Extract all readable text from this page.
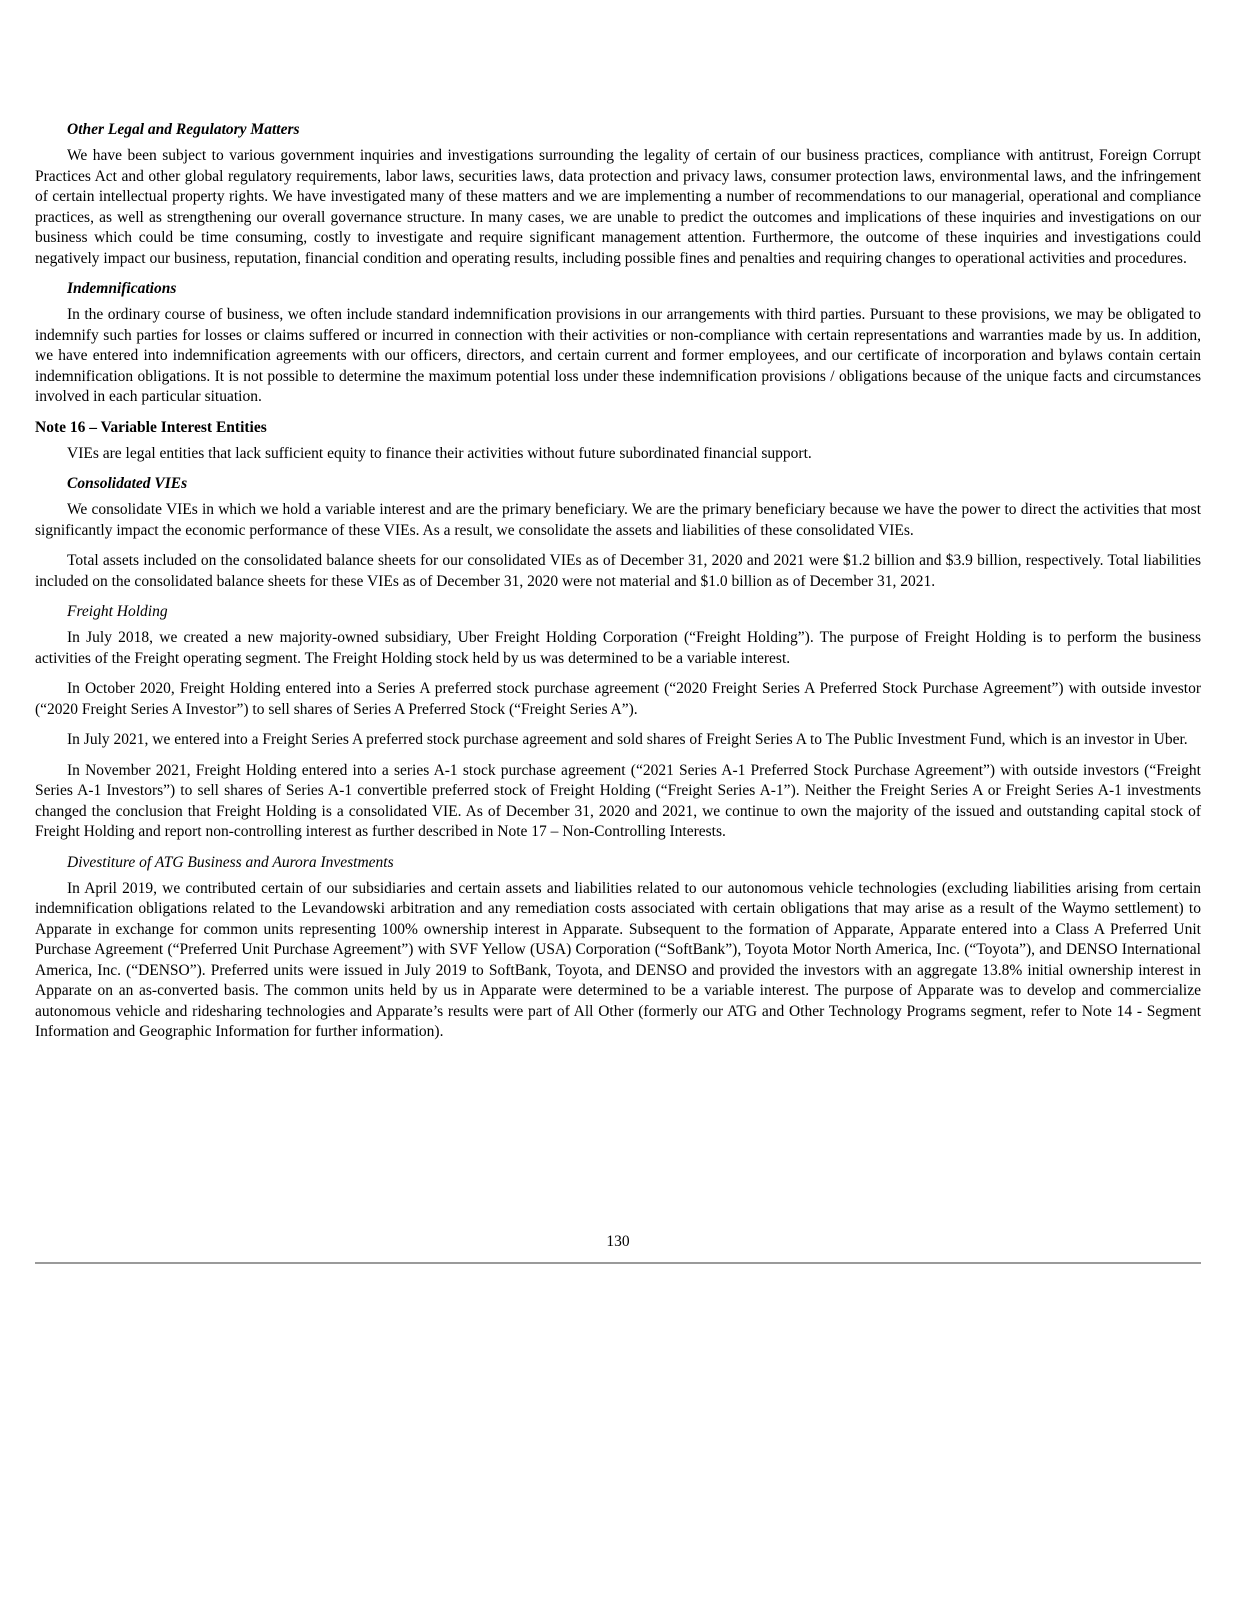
Other Legal and Regulatory Matters

We have been subject to various government inquiries and investigations surrounding the legality of certain of our business practices, compliance with antitrust, Foreign Corrupt Practices Act and other global regulatory requirements, labor laws, securities laws, data protection and privacy laws, consumer protection laws, environmental laws, and the infringement of certain intellectual property rights. We have investigated many of these matters and we are implementing a number of recommendations to our managerial, operational and compliance practices, as well as strengthening our overall governance structure. In many cases, we are unable to predict the outcomes and implications of these inquiries and investigations on our business which could be time consuming, costly to investigate and require significant management attention. Furthermore, the outcome of these inquiries and investigations could negatively impact our business, reputation, financial condition and operating results, including possible fines and penalties and requiring changes to operational activities and procedures.

Indemnifications

In the ordinary course of business, we often include standard indemnification provisions in our arrangements with third parties. Pursuant to these provisions, we may be obligated to indemnify such parties for losses or claims suffered or incurred in connection with their activities or non-compliance with certain representations and warranties made by us. In addition, we have entered into indemnification agreements with our officers, directors, and certain current and former employees, and our certificate of incorporation and bylaws contain certain indemnification obligations. It is not possible to determine the maximum potential loss under these indemnification provisions / obligations because of the unique facts and circumstances involved in each particular situation.

Note 16 – Variable Interest Entities

VIEs are legal entities that lack sufficient equity to finance their activities without future subordinated financial support.

Consolidated VIEs

We consolidate VIEs in which we hold a variable interest and are the primary beneficiary. We are the primary beneficiary because we have the power to direct the activities that most significantly impact the economic performance of these VIEs. As a result, we consolidate the assets and liabilities of these consolidated VIEs.

Total assets included on the consolidated balance sheets for our consolidated VIEs as of December 31, 2020 and 2021 were $1.2 billion and $3.9 billion, respectively. Total liabilities included on the consolidated balance sheets for these VIEs as of December 31, 2020 were not material and $1.0 billion as of December 31, 2021.

Freight Holding

In July 2018, we created a new majority-owned subsidiary, Uber Freight Holding Corporation (“Freight Holding”). The purpose of Freight Holding is to perform the business activities of the Freight operating segment. The Freight Holding stock held by us was determined to be a variable interest.

In October 2020, Freight Holding entered into a Series A preferred stock purchase agreement (“2020 Freight Series A Preferred Stock Purchase Agreement”) with outside investor (“2020 Freight Series A Investor”) to sell shares of Series A Preferred Stock (“Freight Series A”).

In July 2021, we entered into a Freight Series A preferred stock purchase agreement and sold shares of Freight Series A to The Public Investment Fund, which is an investor in Uber.

In November 2021, Freight Holding entered into a series A-1 stock purchase agreement (“2021 Series A-1 Preferred Stock Purchase Agreement”) with outside investors (“Freight Series A-1 Investors”) to sell shares of Series A-1 convertible preferred stock of Freight Holding (“Freight Series A-1”). Neither the Freight Series A or Freight Series A-1 investments changed the conclusion that Freight Holding is a consolidated VIE. As of December 31, 2020 and 2021, we continue to own the majority of the issued and outstanding capital stock of Freight Holding and report non-controlling interest as further described in Note 17 – Non-Controlling Interests.

Divestiture of ATG Business and Aurora Investments

In April 2019, we contributed certain of our subsidiaries and certain assets and liabilities related to our autonomous vehicle technologies (excluding liabilities arising from certain indemnification obligations related to the Levandowski arbitration and any remediation costs associated with certain obligations that may arise as a result of the Waymo settlement) to Apparate in exchange for common units representing 100% ownership interest in Apparate. Subsequent to the formation of Apparate, Apparate entered into a Class A Preferred Unit Purchase Agreement (“Preferred Unit Purchase Agreement”) with SVF Yellow (USA) Corporation (“SoftBank”), Toyota Motor North America, Inc. (“Toyota”), and DENSO International America, Inc. (“DENSO”). Preferred units were issued in July 2019 to SoftBank, Toyota, and DENSO and provided the investors with an aggregate 13.8% initial ownership interest in Apparate on an as-converted basis. The common units held by us in Apparate were determined to be a variable interest. The purpose of Apparate was to develop and commercialize autonomous vehicle and ridesharing technologies and Apparate’s results were part of All Other (formerly our ATG and Other Technology Programs segment, refer to Note 14 - Segment Information and Geographic Information for further information).

130
